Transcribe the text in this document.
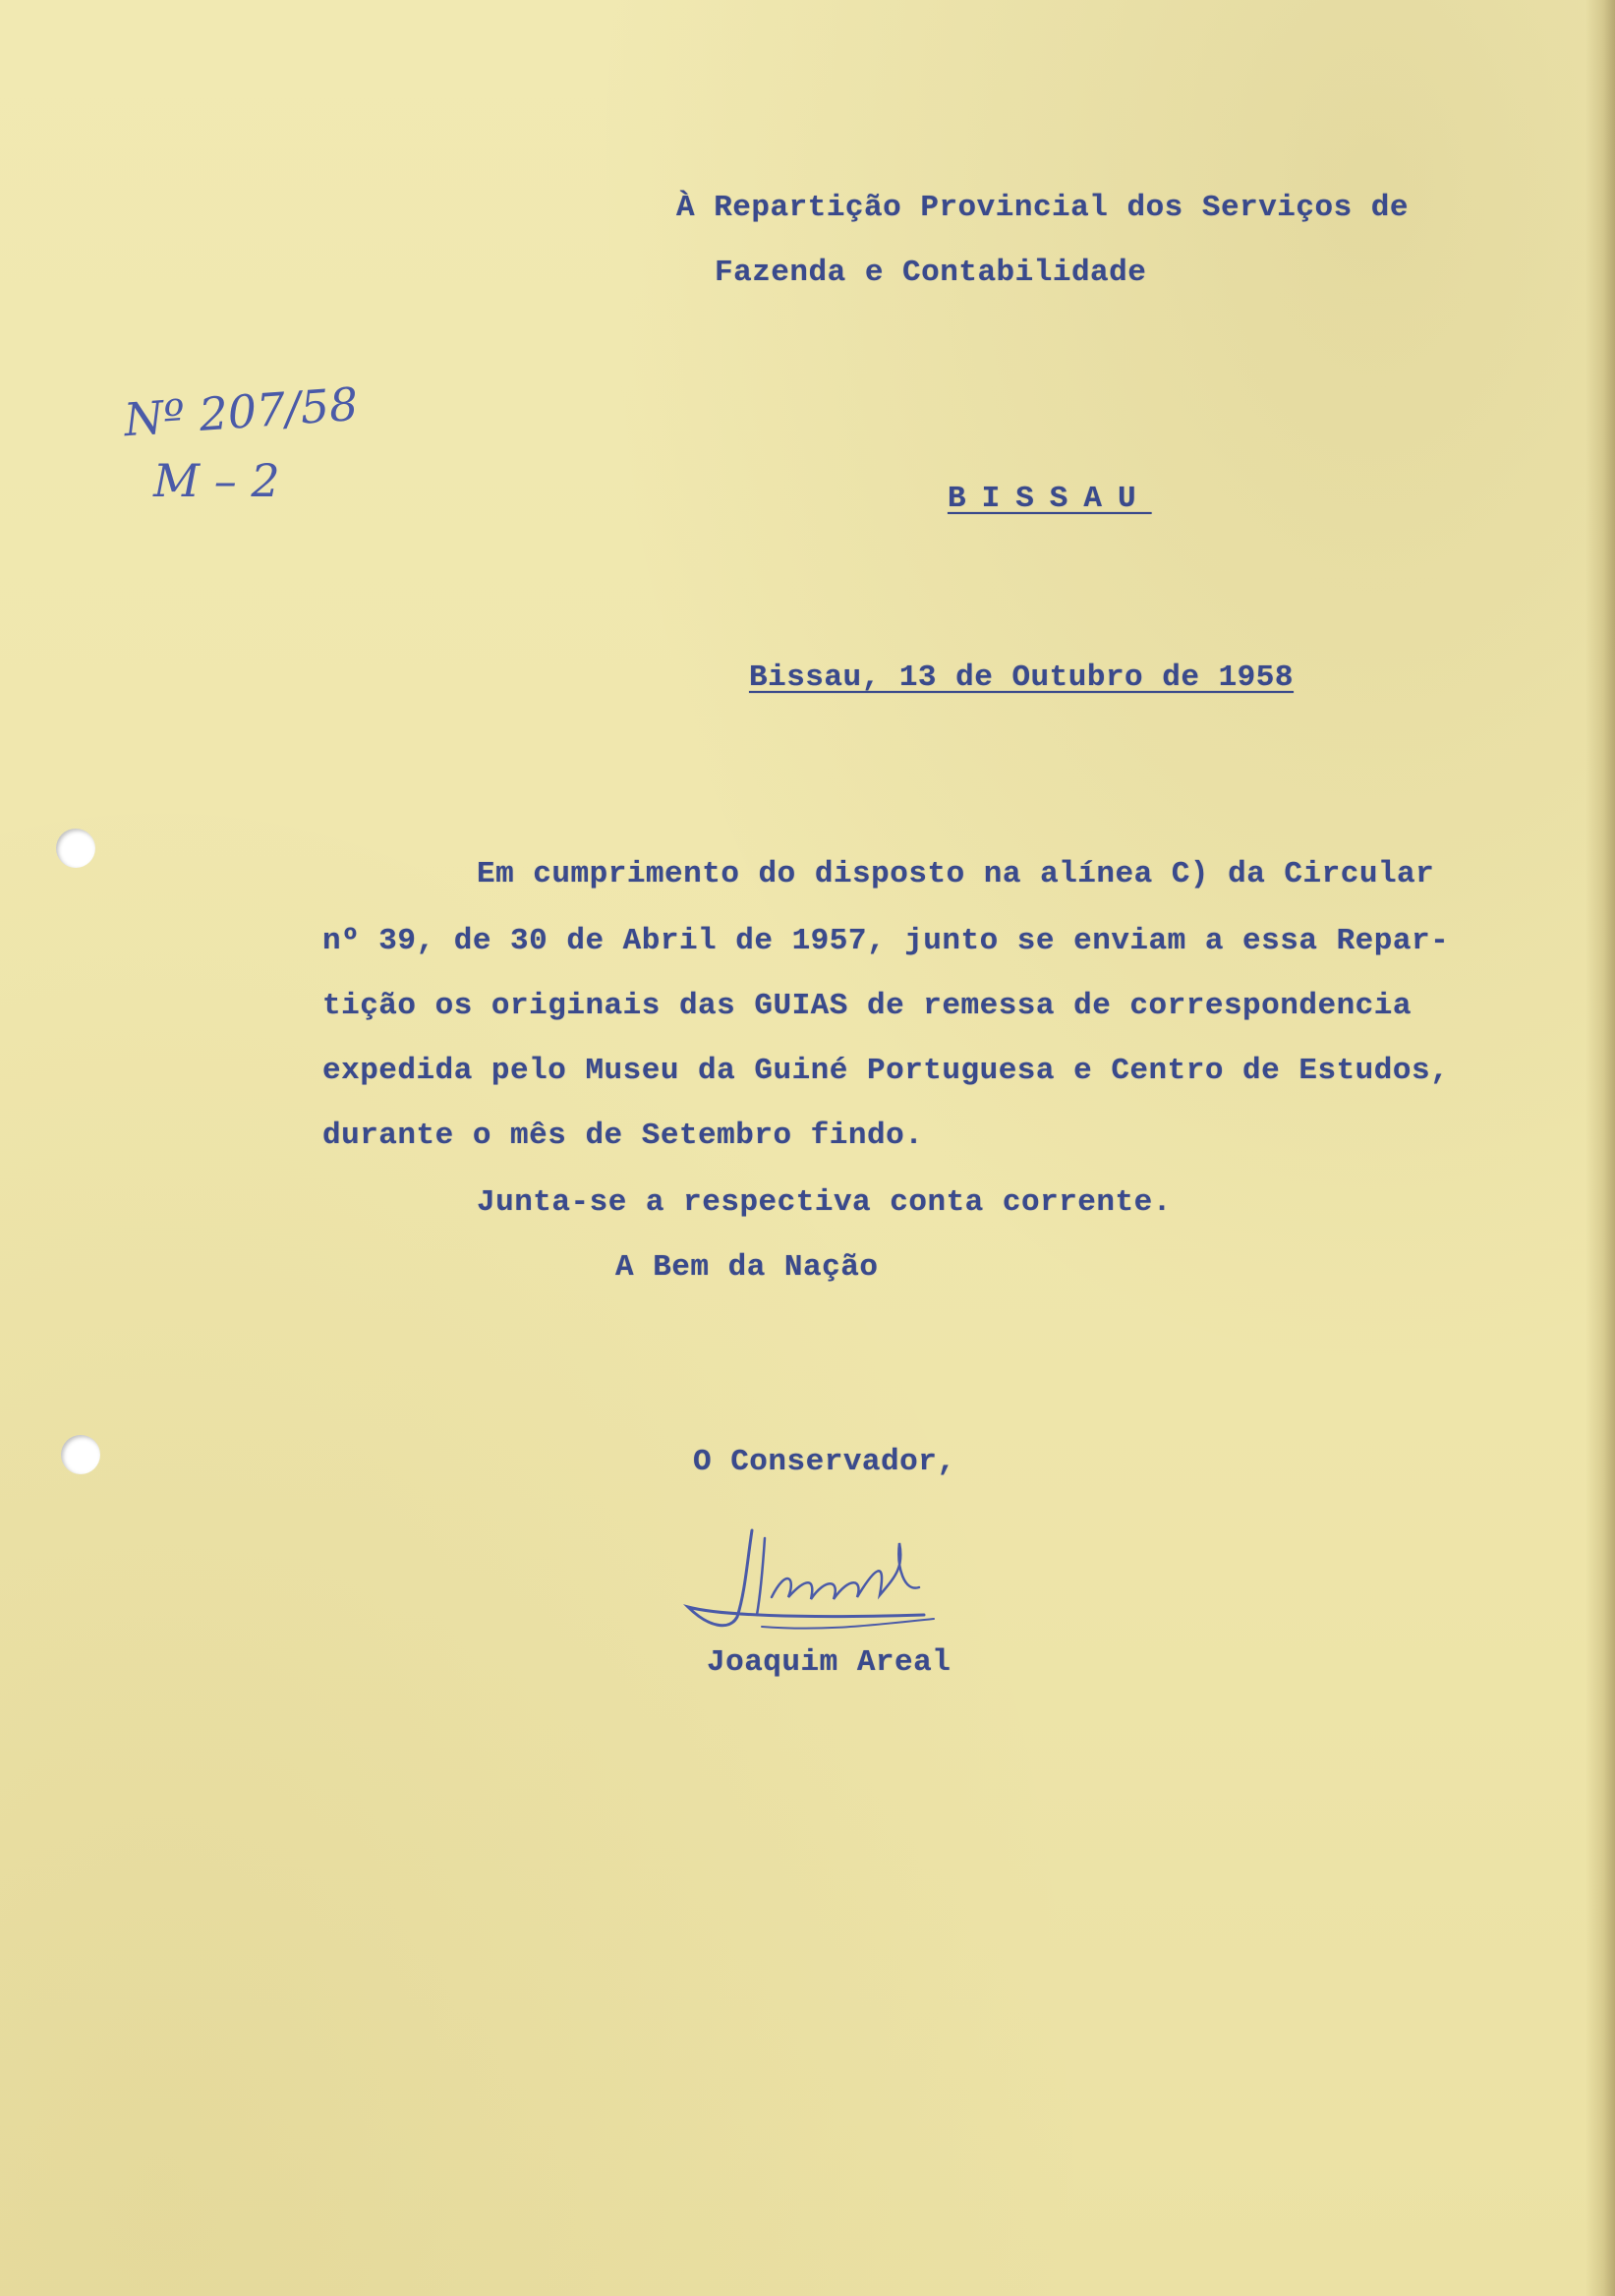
À Repartição Provincial dos Serviços de
Fazenda e Contabilidade
Nº 207/58
M – 2	BISSAU
Bissau, 13 de Outubro de 1958
Em cumprimento do disposto na alínea C) da Circular
nº 39, de 30 de Abril de 1957, junto se enviam a essa Repar-
tição os originais das GUIAS de remessa de correspondencia
expedida pelo Museu da Guiné Portuguesa e Centro de Estudos,
durante o mês de Setembro findo.
Junta-se a respectiva conta corrente.
A Bem da Nação
O Conservador,
Joaquim Areal
